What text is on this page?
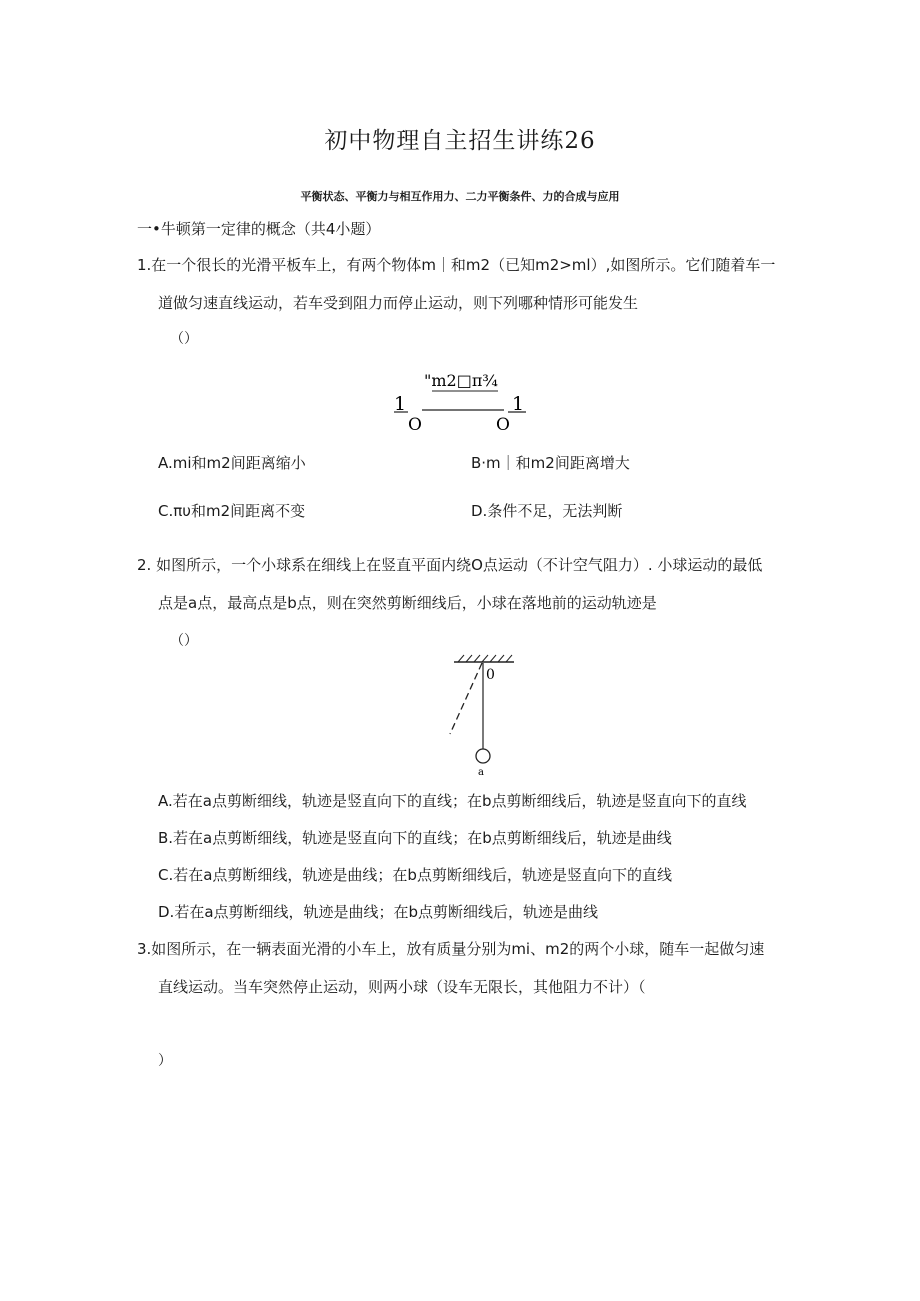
初中物理自主招生讲练26
平衡状态、平衡力与相互作用力、二力平衡条件、力的合成与应用
一•牛顿第一定律的概念（共4小题）
1.在一个很长的光滑平板车上，有两个物体m｜和m2（已知m2>ml）,如图所示。它们随着车一
道做匀速直线运动，若车受到阻力而停止运动，则下列哪种情形可能发生
（）
"m2□ᴨ¾
1	1
O	O
A.mi和m2间距离缩小	B·m｜和m2间距离增大
C.πυ和m2间距离不变	D.条件不足，无法判断
2. 如图所示，一个小球系在细线上在竖直平面内绕O点运动（不计空气阻力）. 小球运动的最低
点是a点，最高点是b点，则在突然剪断细线后，小球在落地前的运动轨迹是
（）
0
a
A.若在a点剪断细线，轨迹是竖直向下的直线；在b点剪断细线后，轨迹是竖直向下的直线
B.若在a点剪断细线，轨迹是竖直向下的直线；在b点剪断细线后，轨迹是曲线
C.若在a点剪断细线，轨迹是曲线；在b点剪断细线后，轨迹是竖直向下的直线
D.若在a点剪断细线，轨迹是曲线；在b点剪断细线后，轨迹是曲线
3.如图所示，在一辆表面光滑的小车上，放有质量分别为mi、m2的两个小球，随车一起做匀速
直线运动。当车突然停止运动，则两小球（设车无限长，其他阻力不计）（
）
